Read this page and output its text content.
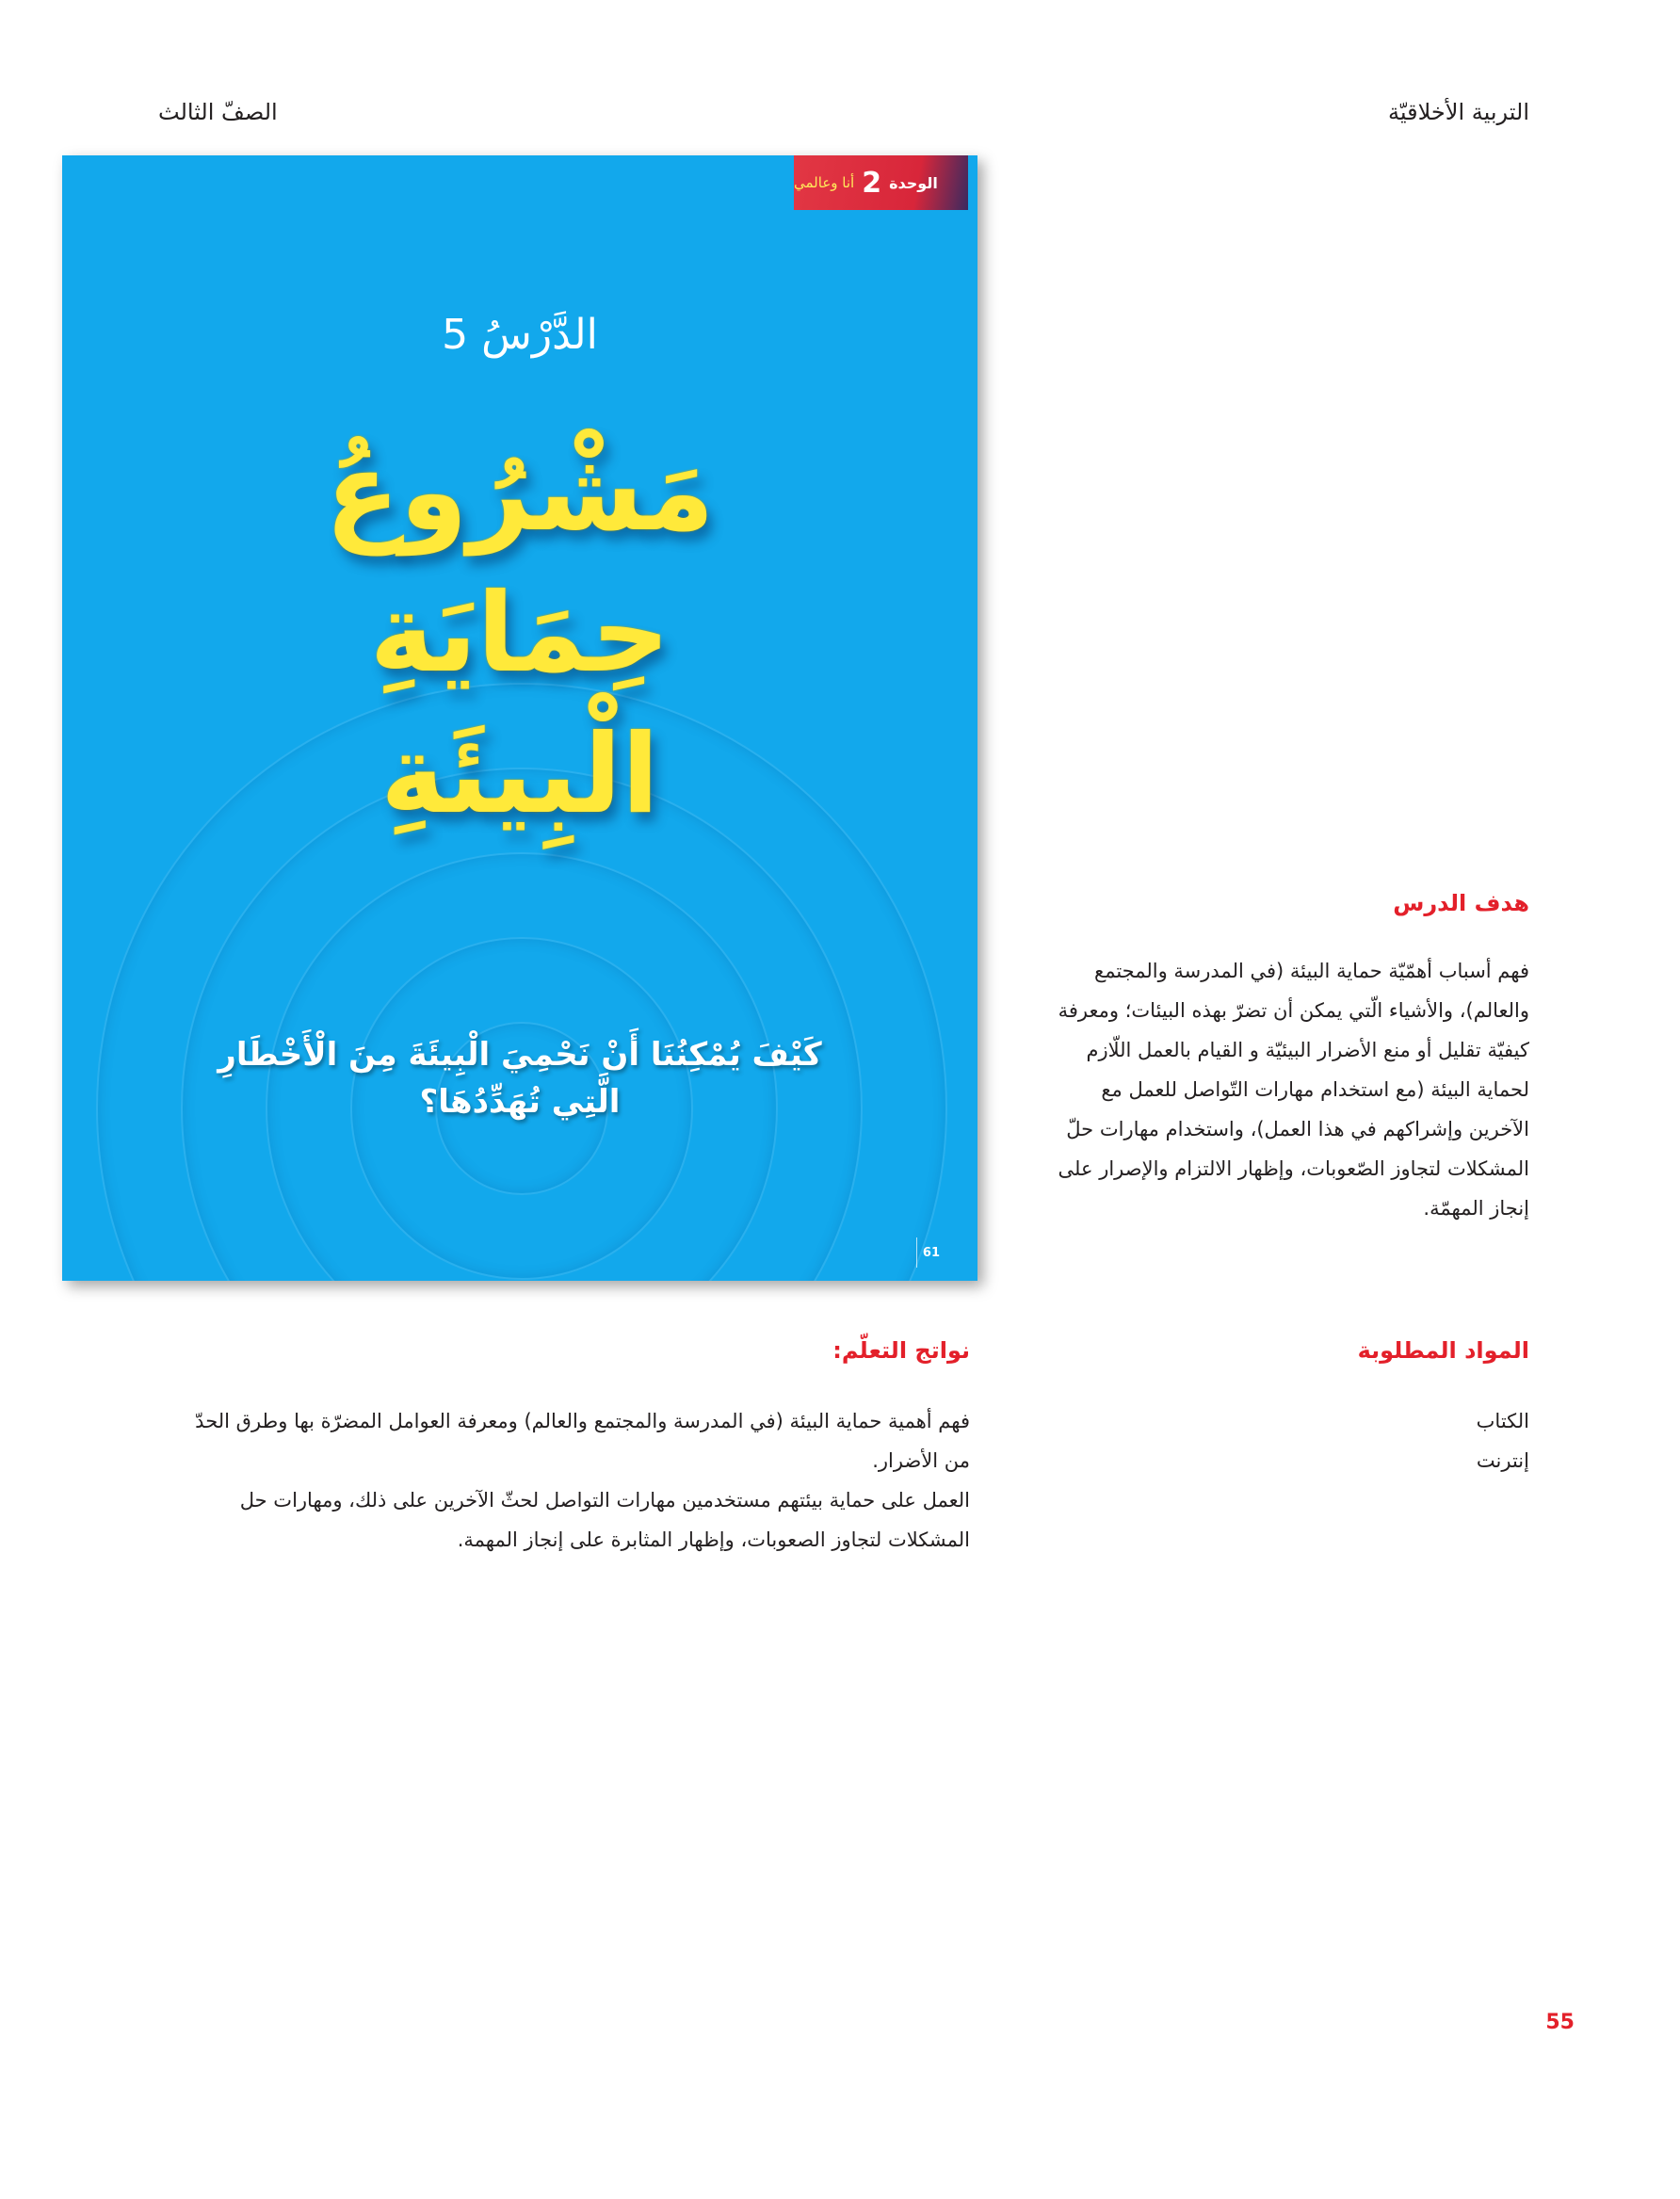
التربية الأخلاقيّة
الصفّ الثالث
الوحدة
2
أنا وعالمي
الدَّرْسُ 5
مَشْرُوعُ
حِمَايَةِ
الْبِيئَةِ
كَيْفَ يُمْكِنُنَا أَنْ نَحْمِيَ الْبِيئَةَ مِنَ الْأَخْطَارِ
الَّتِي تُهَدِّدُهَا؟
61
هدف الدرس
فهم أسباب أهمّيّة حماية البيئة (في المدرسة والمجتمع
والعالم)، والأشياء الّتي يمكن أن تضرّ بهذه البيئات؛ ومعرفة
كيفيّة تقليل أو منع الأضرار البيئيّة و القيام بالعمل اللّازم
لحماية البيئة (مع استخدام مهارات التّواصل للعمل مع
الآخرين وإشراكهم في هذا العمل)، واستخدام مهارات حلّ
المشكلات لتجاوز الصّعوبات، وإظهار الالتزام والإصرار على
إنجاز المهمّة.
المواد المطلوبة
الكتاب
إنترنت
نواتج التعلّم:
فهم أهمية حماية البيئة (في المدرسة والمجتمع والعالم) ومعرفة العوامل المضرّة بها وطرق الحدّ
من الأضرار.
العمل على حماية بيئتهم مستخدمين مهارات التواصل لحثّ الآخرين على ذلك، ومهارات حل
المشكلات لتجاوز الصعوبات، وإظهار المثابرة على إنجاز المهمة.
55
